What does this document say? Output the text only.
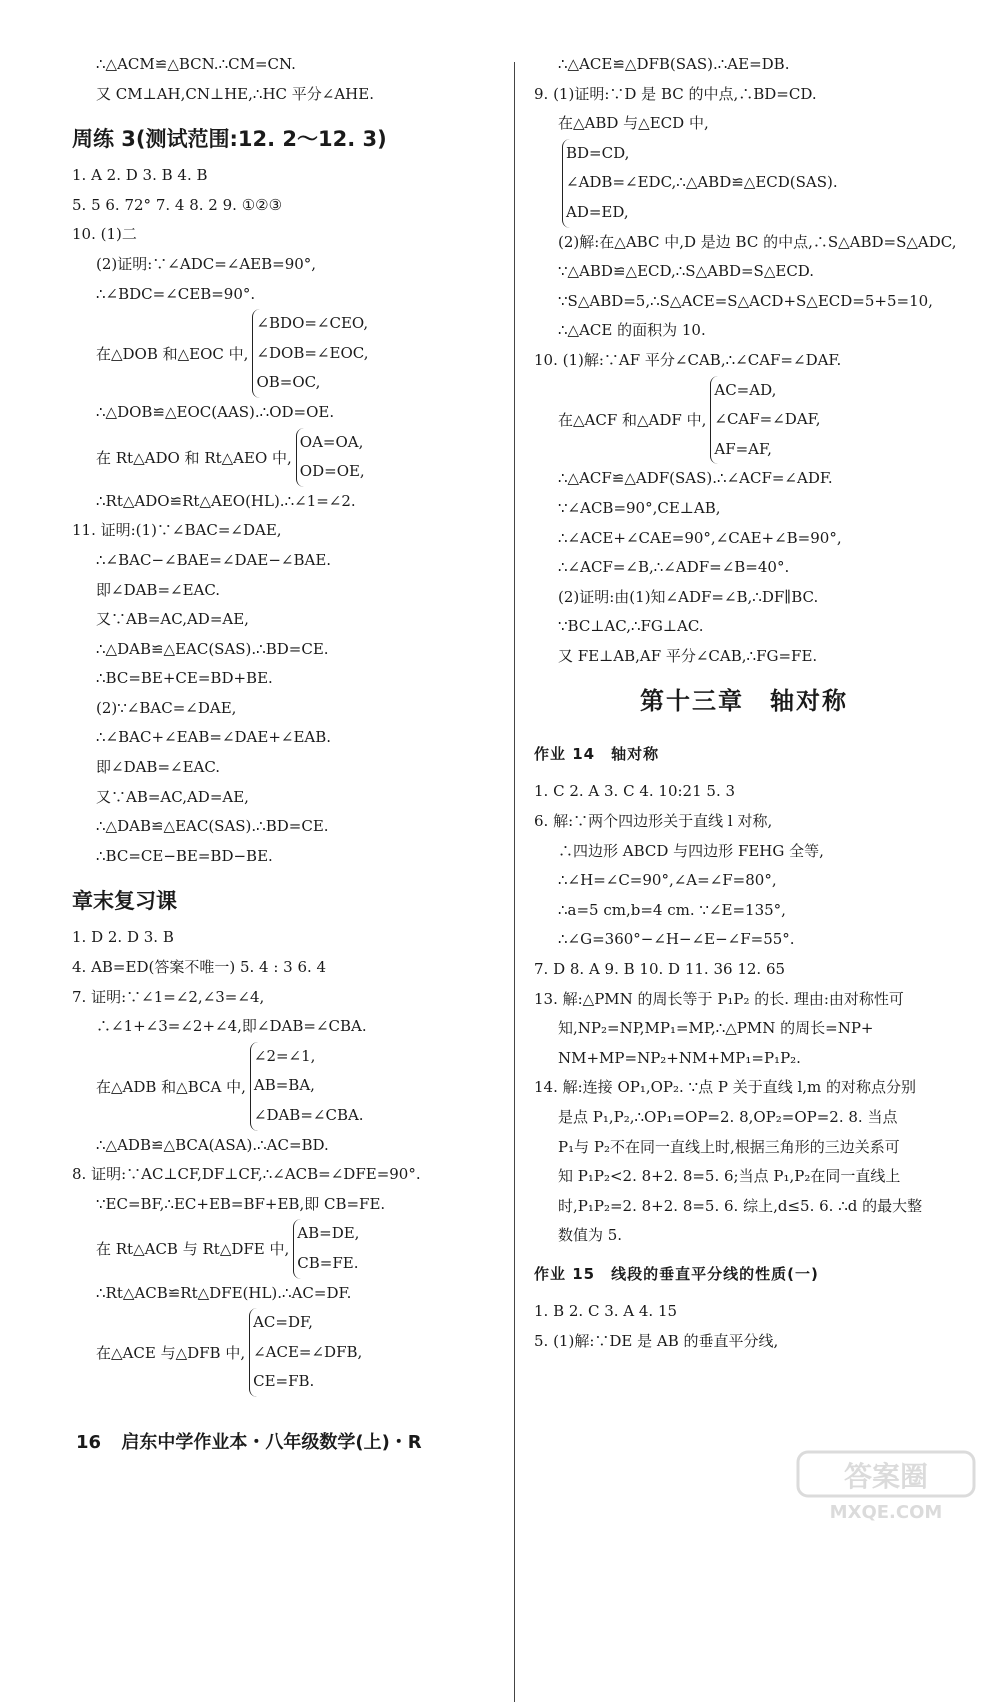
∴△ACM≌△BCN.∴CM=CN.
又 CM⊥AH,CN⊥HE,∴HC 平分∠AHE.
周练 3(测试范围:12. 2～12. 3)
1. A 2. D 3. B 4. B
5. 5 6. 72° 7. 4 8. 2 9. ①②③
10. (1)二
(2)证明:∵∠ADC=∠AEB=90°,
∴∠BDC=∠CEB=90°.
在△DOB 和△EOC 中,
∠BDO=∠CEO,
∠DOB=∠EOC,
OB=OC,
∴△DOB≌△EOC(AAS).∴OD=OE.
在 Rt△ADO 和 Rt△AEO 中,
OA=OA,
OD=OE,
∴Rt△ADO≌Rt△AEO(HL).∴∠1=∠2.
11. 证明:(1)∵∠BAC=∠DAE,
∴∠BAC−∠BAE=∠DAE−∠BAE.
即∠DAB=∠EAC.
又∵AB=AC,AD=AE,
∴△DAB≌△EAC(SAS).∴BD=CE.
∴BC=BE+CE=BD+BE.
(2)∵∠BAC=∠DAE,
∴∠BAC+∠EAB=∠DAE+∠EAB.
即∠DAB=∠EAC.
又∵AB=AC,AD=AE,
∴△DAB≌△EAC(SAS).∴BD=CE.
∴BC=CE−BE=BD−BE.
章末复习课
1. D 2. D 3. B
4. AB=ED(答案不唯一) 5. 4 : 3 6. 4
7. 证明:∵∠1=∠2,∠3=∠4,
∴∠1+∠3=∠2+∠4,即∠DAB=∠CBA.
在△ADB 和△BCA 中,
∠2=∠1,
AB=BA,
∠DAB=∠CBA.
∴△ADB≌△BCA(ASA).∴AC=BD.
8. 证明:∵AC⊥CF,DF⊥CF,∴∠ACB=∠DFE=90°.
∵EC=BF,∴EC+EB=BF+EB,即 CB=FE.
在 Rt△ACB 与 Rt△DFE 中,
AB=DE,
CB=FE.
∴Rt△ACB≌Rt△DFE(HL).∴AC=DF.
在△ACE 与△DFB 中,
AC=DF,
∠ACE=∠DFB,
CE=FB.
∴△ACE≌△DFB(SAS).∴AE=DB.
9. (1)证明:∵D 是 BC 的中点,∴BD=CD.
在△ABD 与△ECD 中,
BD=CD,
∠ADB=∠EDC,∴△ABD≌△ECD(SAS).
AD=ED,
(2)解:在△ABC 中,D 是边 BC 的中点,∴S△ABD=S△ADC,
∵△ABD≌△ECD,∴S△ABD=S△ECD.
∵S△ABD=5,∴S△ACE=S△ACD+S△ECD=5+5=10,
∴△ACE 的面积为 10.
10. (1)解:∵AF 平分∠CAB,∴∠CAF=∠DAF.
在△ACF 和△ADF 中,
AC=AD,
∠CAF=∠DAF,
AF=AF,
∴△ACF≌△ADF(SAS).∴∠ACF=∠ADF.
∵∠ACB=90°,CE⊥AB,
∴∠ACE+∠CAE=90°,∠CAE+∠B=90°,
∴∠ACF=∠B,∴∠ADF=∠B=40°.
(2)证明:由(1)知∠ADF=∠B,∴DF∥BC.
∵BC⊥AC,∴FG⊥AC.
又 FE⊥AB,AF 平分∠CAB,∴FG=FE.
第十三章　轴对称
作业 14　轴对称
1. C 2. A 3. C 4. 10:21 5. 3
6. 解:∵两个四边形关于直线 l 对称,
∴四边形 ABCD 与四边形 FEHG 全等,
∴∠H=∠C=90°,∠A=∠F=80°,
∴a=5 cm,b=4 cm. ∵∠E=135°,
∴∠G=360°−∠H−∠E−∠F=55°.
7. D 8. A 9. B 10. D 11. 36 12. 65
13. 解:△PMN 的周长等于 P₁P₂ 的长. 理由:由对称性可
知,NP₂=NP,MP₁=MP,∴△PMN 的周长=NP+
NM+MP=NP₂+NM+MP₁=P₁P₂.
14. 解:连接 OP₁,OP₂. ∵点 P 关于直线 l,m 的对称点分别
是点 P₁,P₂,∴OP₁=OP=2. 8,OP₂=OP=2. 8. 当点
P₁与 P₂不在同一直线上时,根据三角形的三边关系可
知 P₁P₂<2. 8+2. 8=5. 6;当点 P₁,P₂在同一直线上
时,P₁P₂=2. 8+2. 8=5. 6. 综上,d≤5. 6. ∴d 的最大整
数值为 5.
作业 15　线段的垂直平分线的性质(一)
1. B 2. C 3. A 4. 15
5. (1)解:∵DE 是 AB 的垂直平分线,
16 启东中学作业本・八年级数学(上)・R
答案圈
MXQE.COM
